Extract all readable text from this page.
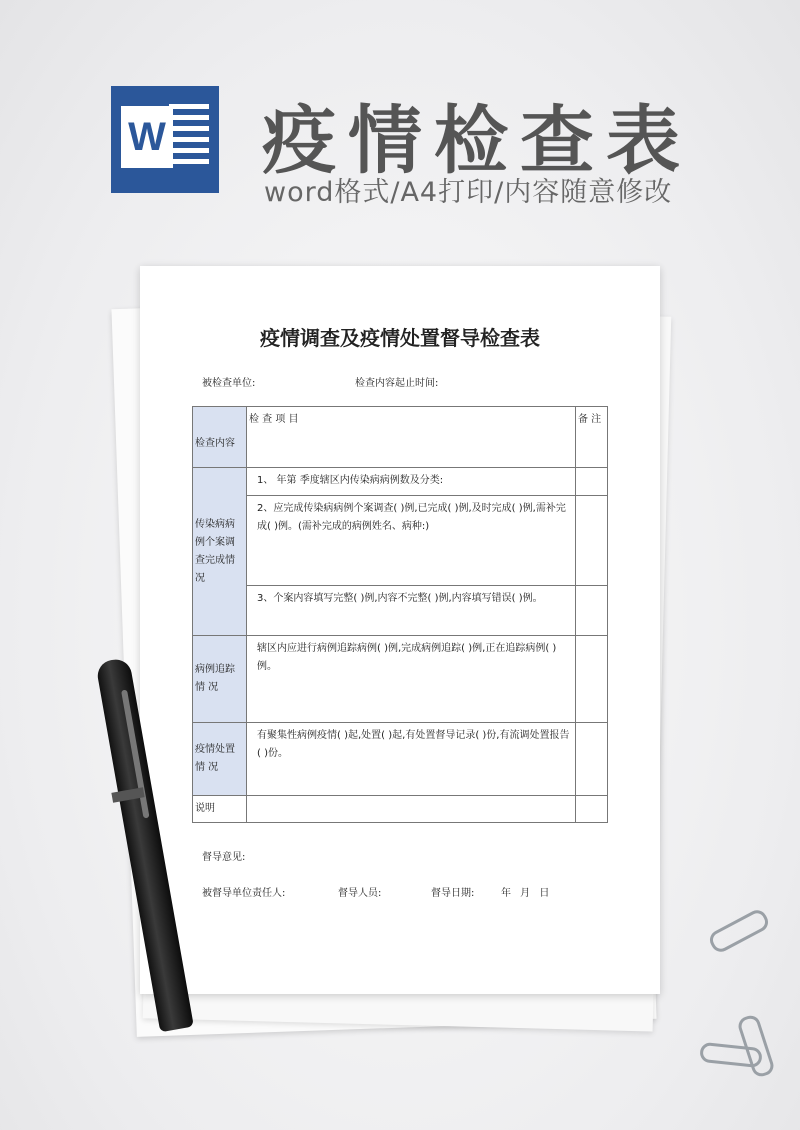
W 疫情检查表
word格式/A4打印/内容随意修改
疫情调查及疫情处置督导检查表
被检查单位:	检查内容起止时间:
检查内容	检 查 项 目	备 注
传染病病例个案调查完成情况	1、 年第 季度辖区内传染病病例数及分类:	
	2、应完成传染病病例个案调查( )例,已完成( )例,及时完成( )例,需补完成( )例。(需补完成的病例姓名、病种:)	
	3、个案内容填写完整( )例,内容不完整( )例,内容填写错误( )例。	
病例追踪情 况	辖区内应进行病例追踪病例( )例,完成病例追踪( )例,正在追踪病例( )例。	
疫情处置情 况	有聚集性病例疫情( )起,处置( )起,有处置督导记录( )份,有流调处置报告( )份。	
说明		
督导意见:
被督导单位责任人:	督导人员:	督导日期:	年 月 日
